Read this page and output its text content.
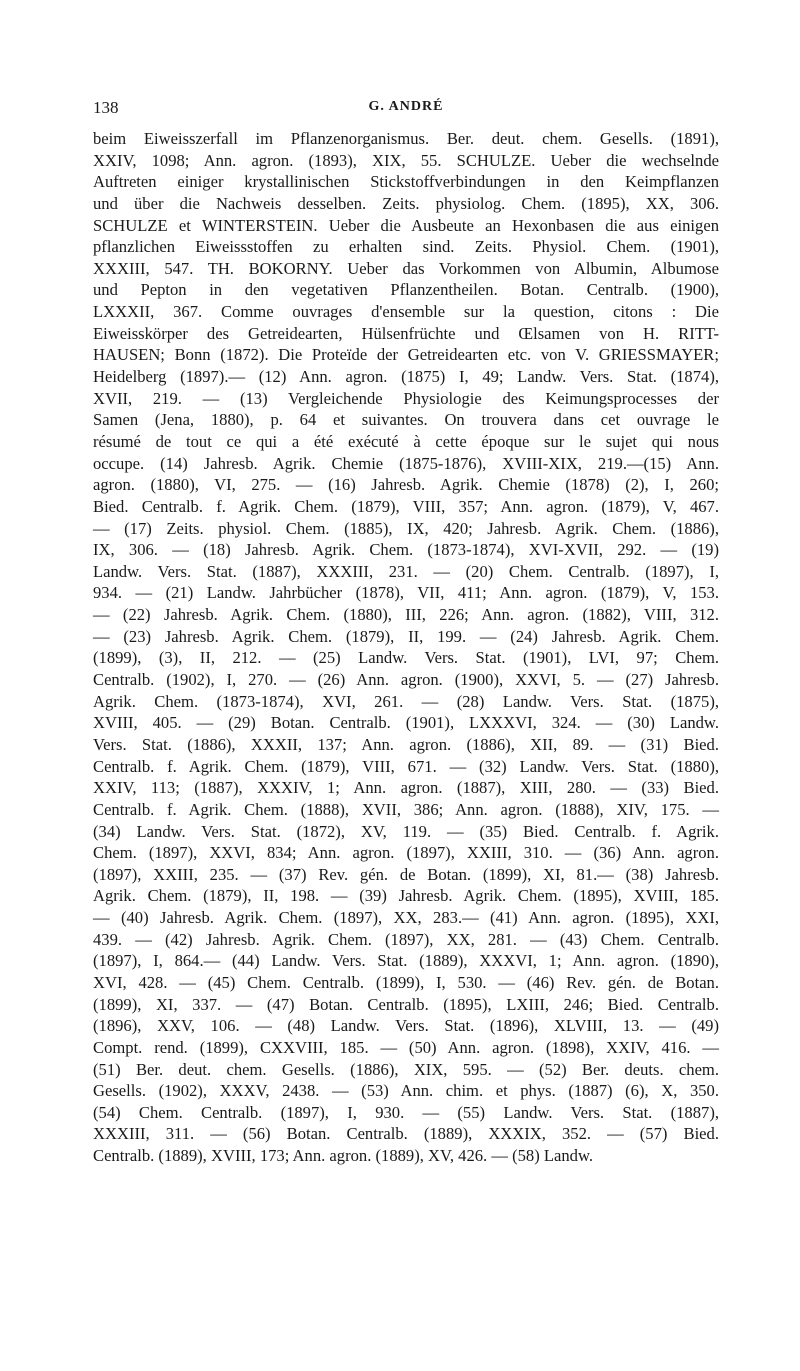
138	G. ANDRÉ
beim Eiweisszerfall im Pflanzenorganismus. Ber. deut. chem. Gesells. (1891),
XXIV, 1098; Ann. agron. (1893), XIX, 55. SCHULZE. Ueber die wechselnde
Auftreten einiger krystallinischen Stickstoffverbindungen in den Keimpflanzen
und über die Nachweis desselben. Zeits. physiolog. Chem. (1895), XX, 306.
SCHULZE et WINTERSTEIN. Ueber die Ausbeute an Hexonbasen die aus einigen
pflanzlichen Eiweissstoffen zu erhalten sind. Zeits. Physiol. Chem. (1901),
XXXIII, 547. TH. BOKORNY. Ueber das Vorkommen von Albumin, Albumose
und Pepton in den vegetativen Pflanzentheilen. Botan. Centralb. (1900),
LXXXII, 367. Comme ouvrages d'ensemble sur la question, citons : Die
Eiweisskörper des Getreidearten, Hülsenfrüchte und Œlsamen von H. RITT-
HAUSEN; Bonn (1872). Die Proteïde der Getreidearten etc. von V. GRIESSMAYER;
Heidelberg (1897).— (12) Ann. agron. (1875) I, 49; Landw. Vers. Stat. (1874),
XVII, 219. — (13) Vergleichende Physiologie des Keimungsprocesses der
Samen (Jena, 1880), p. 64 et suivantes. On trouvera dans cet ouvrage le
résumé de tout ce qui a été exécuté à cette époque sur le sujet qui nous
occupe. (14) Jahresb. Agrik. Chemie (1875-1876), XVIII-XIX, 219.—(15) Ann.
agron. (1880), VI, 275. — (16) Jahresb. Agrik. Chemie (1878) (2), I, 260;
Bied. Centralb. f. Agrik. Chem. (1879), VIII, 357; Ann. agron. (1879), V, 467.
— (17) Zeits. physiol. Chem. (1885), IX, 420; Jahresb. Agrik. Chem. (1886),
IX, 306. — (18) Jahresb. Agrik. Chem. (1873-1874), XVI-XVII, 292. — (19)
Landw. Vers. Stat. (1887), XXXIII, 231. — (20) Chem. Centralb. (1897), I,
934. — (21) Landw. Jahrbücher (1878), VII, 411; Ann. agron. (1879), V, 153.
— (22) Jahresb. Agrik. Chem. (1880), III, 226; Ann. agron. (1882), VIII, 312.
— (23) Jahresb. Agrik. Chem. (1879), II, 199. — (24) Jahresb. Agrik. Chem.
(1899), (3), II, 212. — (25) Landw. Vers. Stat. (1901), LVI, 97; Chem.
Centralb. (1902), I, 270. — (26) Ann. agron. (1900), XXVI, 5. — (27) Jahresb.
Agrik. Chem. (1873-1874), XVI, 261. — (28) Landw. Vers. Stat. (1875),
XVIII, 405. — (29) Botan. Centralb. (1901), LXXXVI, 324. — (30) Landw.
Vers. Stat. (1886), XXXII, 137; Ann. agron. (1886), XII, 89. — (31) Bied.
Centralb. f. Agrik. Chem. (1879), VIII, 671. — (32) Landw. Vers. Stat. (1880),
XXIV, 113; (1887), XXXIV, 1; Ann. agron. (1887), XIII, 280. — (33) Bied.
Centralb. f. Agrik. Chem. (1888), XVII, 386; Ann. agron. (1888), XIV, 175. —
(34) Landw. Vers. Stat. (1872), XV, 119. — (35) Bied. Centralb. f. Agrik.
Chem. (1897), XXVI, 834; Ann. agron. (1897), XXIII, 310. — (36) Ann. agron.
(1897), XXIII, 235. — (37) Rev. gén. de Botan. (1899), XI, 81.— (38) Jahresb.
Agrik. Chem. (1879), II, 198. — (39) Jahresb. Agrik. Chem. (1895), XVIII, 185.
— (40) Jahresb. Agrik. Chem. (1897), XX, 283.— (41) Ann. agron. (1895), XXI,
439. — (42) Jahresb. Agrik. Chem. (1897), XX, 281. — (43) Chem. Centralb.
(1897), I, 864.— (44) Landw. Vers. Stat. (1889), XXXVI, 1; Ann. agron. (1890),
XVI, 428. — (45) Chem. Centralb. (1899), I, 530. — (46) Rev. gén. de Botan.
(1899), XI, 337. — (47) Botan. Centralb. (1895), LXIII, 246; Bied. Centralb.
(1896), XXV, 106. — (48) Landw. Vers. Stat. (1896), XLVIII, 13. — (49)
Compt. rend. (1899), CXXVIII, 185. — (50) Ann. agron. (1898), XXIV, 416. —
(51) Ber. deut. chem. Gesells. (1886), XIX, 595. — (52) Ber. deuts. chem.
Gesells. (1902), XXXV, 2438. — (53) Ann. chim. et phys. (1887) (6), X, 350.
(54) Chem. Centralb. (1897), I, 930. — (55) Landw. Vers. Stat. (1887),
XXXIII, 311. — (56) Botan. Centralb. (1889), XXXIX, 352. — (57) Bied.
Centralb. (1889), XVIII, 173; Ann. agron. (1889), XV, 426. — (58) Landw.
